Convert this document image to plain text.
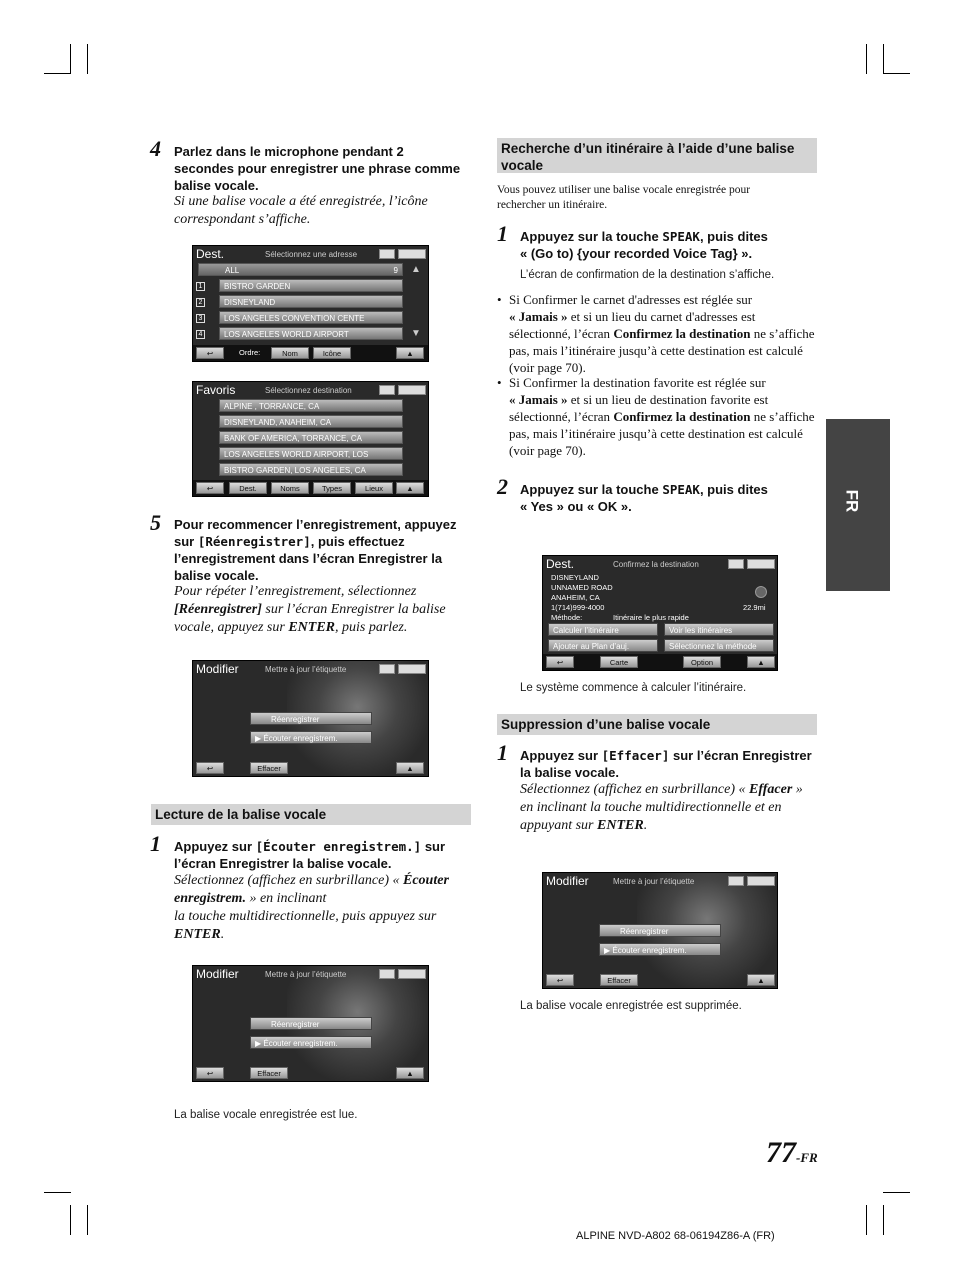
FR
4 Parlez dans le microphone pendant 2 secondes pour enregistrer une phrase comme balise vocale.
Si une balise vocale a été enregistrée, l’icône correspondant s’affiche.
Dest.	Sélectionnez une adresse
ALL	9
1	BISTRO GARDEN
2	DISNEYLAND
3	LOS ANGELES CONVENTION CENTE
4	LOS ANGELES WORLD AIRPORT
▲
▼
↩	Ordre:	Nom	Icône	▲
Favoris	Sélectionnez destination
ALPINE , TORRANCE, CA
DISNEYLAND, ANAHEIM, CA
BANK OF AMERICA, TORRANCE, CA
LOS ANGELES WORLD AIRPORT, LOS
BISTRO GARDEN, LOS ANGELES, CA
↩	Dest.	Noms	Types	Lieux	▲
5 Pour recommencer l’enregistrement, appuyez sur [Réenregistrer], puis effectuez l’enregistrement dans l’écran Enregistrer la balise vocale.
Pour répéter l’enregistrement, sélectionnez [Réenregistrer] sur l’écran Enregistrer la balise vocale, appuyez sur ENTER, puis parlez.
Modifier	Mettre à jour l’étiquette
Réenregistrer
▶ Écouter enregistrem.
↩	Effacer	▲
Lecture de la balise vocale
1 Appuyez sur [Écouter enregistrem.] sur l’écran Enregistrer la balise vocale.
Sélectionnez (affichez en surbrillance) « Écouter enregistrem. » en inclinant
la touche multidirectionnelle, puis appuyez sur
ENTER.
Modifier	Mettre à jour l’étiquette
Réenregistrer
▶ Écouter enregistrem.
↩	Effacer	▲
La balise vocale enregistrée est lue.
Recherche d’un itinéraire à l’aide d’une balise vocale
Vous pouvez utiliser une balise vocale enregistrée pour rechercher un itinéraire.
1 Appuyez sur la touche SPEAK, puis dites
« (Go to) {your recorded Voice Tag} ».
L’écran de confirmation de la destination s’affiche.
• Si Confirmer le carnet d'adresses est réglée sur
« Jamais » et si un lieu du carnet d'adresses est sélectionné, l’écran Confirmez la destination ne s’affiche pas, mais l’itinéraire jusqu’à cette destination est calculé (voir page 70).
• Si Confirmer la destination favorite est réglée sur
« Jamais » et si un lieu de destination favorite est sélectionné, l’écran Confirmez la destination ne s’affiche pas, mais l’itinéraire jusqu’à cette destination est calculé (voir page 70).
2 Appuyez sur la touche SPEAK, puis dites
« Yes » ou « OK ».
Dest.	Confirmez la destination
DISNEYLAND
UNNAMED ROAD
ANAHEIM, CA
1(714)999-4000	22.9mi
Méthode:	Itinéraire le plus rapide
Calculer l’itinéraire	Voir les itinéraires
Ajouter au Plan d’auj.	Sélectionnez la méthode
↩	Carte	Option	▲
Le système commence à calculer l’itinéraire.
Suppression d’une balise vocale
1 Appuyez sur [Effacer] sur l’écran Enregistrer la balise vocale.
Sélectionnez (affichez en surbrillance) « Effacer » en inclinant la touche multidirectionnelle et en appuyant sur ENTER.
Modifier	Mettre à jour l’étiquette
Réenregistrer
▶ Écouter enregistrem.
↩	Effacer	▲
La balise vocale enregistrée est supprimée.
77-FR
ALPINE NVD-A802 68-06194Z86-A (FR)
